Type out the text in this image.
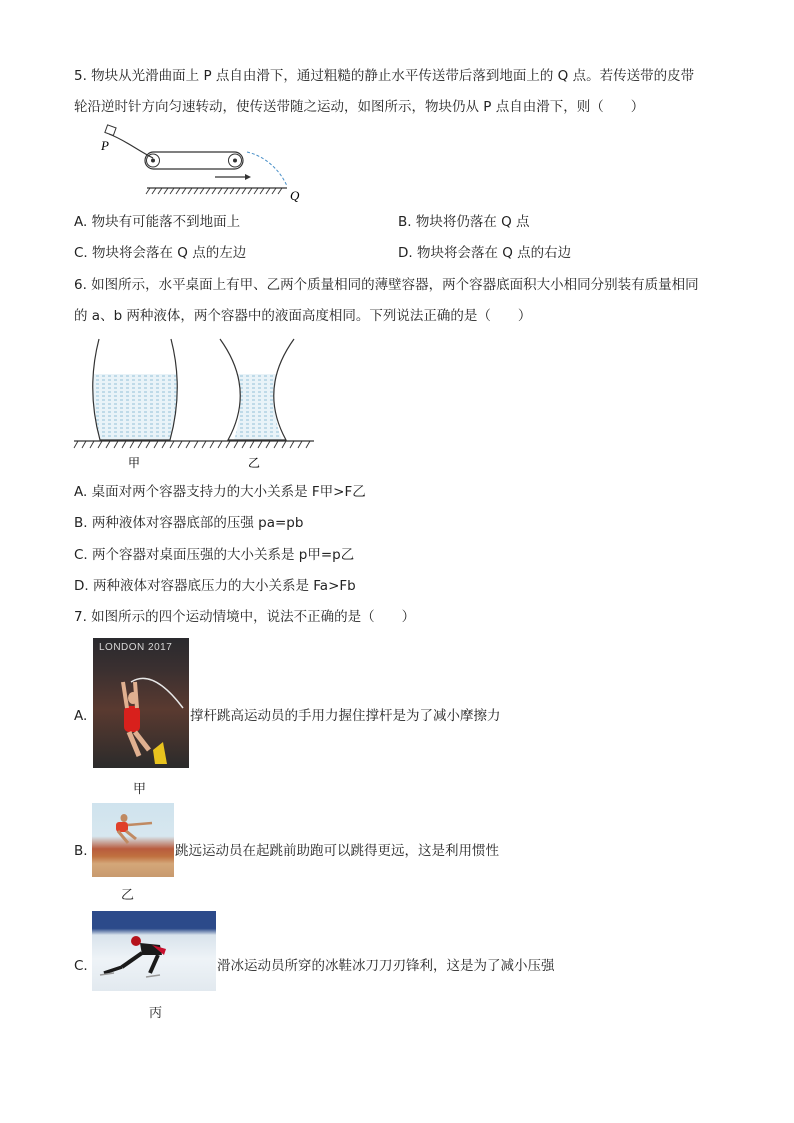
5. 物块从光滑曲面上 P 点自由滑下，通过粗糙的静止水平传送带后落到地面上的 Q 点。若传送带的皮带
轮沿逆时针方向匀速转动，使传送带随之运动，如图所示，物块仍从 P 点自由滑下，则（　　）
P
Q
A. 物块有可能落不到地面上	B. 物块将仍落在 Q 点
C. 物块将会落在 Q 点的左边	D. 物块将会落在 Q 点的右边
6. 如图所示，水平桌面上有甲、乙两个质量相同的薄壁容器，两个容器底面积大小相同分别装有质量相同
的 a、b 两种液体，两个容器中的液面高度相同。下列说法正确的是（　　）
甲	乙
A. 桌面对两个容器支持力的大小关系是 F甲>F乙
B. 两种液体对容器底部的压强 pa=pb
C. 两个容器对桌面压强的大小关系是 p甲=p乙
D. 两种液体对容器底压力的大小关系是 Fa>Fb
7. 如图所示的四个运动情境中，说法不正确的是（　　）
A.
LONDON 2017
撑杆跳高运动员的手用力握住撑杆是为了减小摩擦力
甲
B.	跳远运动员在起跳前助跑可以跳得更远，这是利用惯性
乙
C.	滑冰运动员所穿的冰鞋冰刀刀刃锋利，这是为了减小压强
丙
